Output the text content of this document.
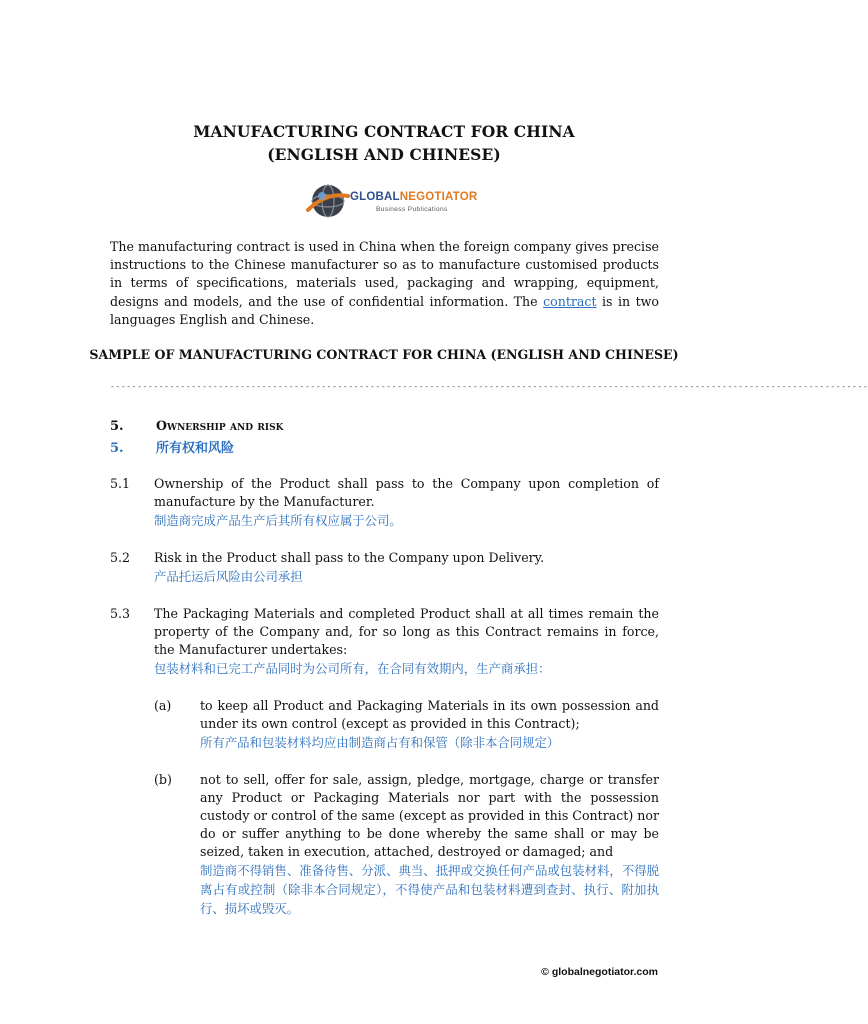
MANUFACTURING CONTRACT FOR CHINA
(ENGLISH AND CHINESE)
GLOBALNEGOTIATOR
Business Publications
The manufacturing contract is used in China when the foreign company gives precise instructions to the Chinese manufacturer so as to manufacture customised products in terms of specifications, materials used, packaging and wrapping, equipment, designs and models, and the use of confidential information. The contract is in two languages English and Chinese.
SAMPLE OF MANUFACTURING CONTRACT FOR CHINA (ENGLISH AND CHINESE)
--------------------------------------------------------------------------------------------------------------------------------------------
5.	Ownership and risk
5. 所有权和风险
5.1	Ownership of the Product shall pass to the Company upon completion of manufacture by the Manufacturer.
制造商完成产品生产后其所有权应属于公司。
5.2	Risk in the Product shall pass to the Company upon Delivery.
产品托运后风险由公司承担
5.3	The Packaging Materials and completed Product shall at all times remain the property of the Company and, for so long as this Contract remains in force, the Manufacturer undertakes:
包装材料和已完工产品同时为公司所有，在合同有效期内，生产商承担：
(a)	to keep all Product and Packaging Materials in its own possession and under its own control (except as provided in this Contract);
所有产品和包装材料均应由制造商占有和保管（除非本合同规定）
(b)	not to sell, offer for sale, assign, pledge, mortgage, charge or transfer any Product or Packaging Materials nor part with the possession custody or control of the same (except as provided in this Contract) nor do or suffer anything to be done whereby the same shall or may be seized, taken in execution, attached, destroyed or damaged; and
制造商不得销售、准备待售、分派、典当、抵押或交换任何产品或包装材料，不得脱离占有或控制（除非本合同规定），不得使产品和包装材料遭到查封、执行、附加执行、损坏或毁灭。
© globalnegotiator.com
